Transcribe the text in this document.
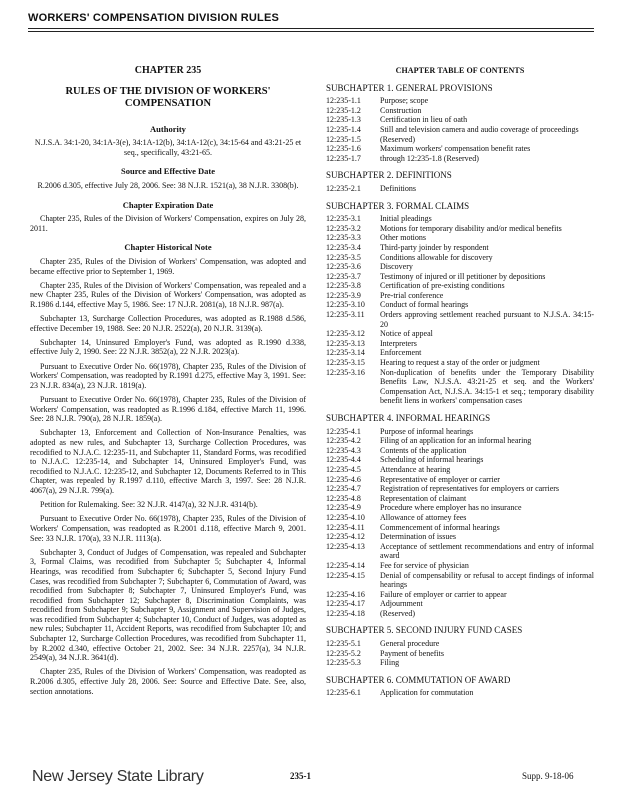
WORKERS' COMPENSATION DIVISION RULES
CHAPTER 235
RULES OF THE DIVISION OF WORKERS' COMPENSATION
Authority
N.J.S.A. 34:1-20, 34:1A-3(e), 34:1A-12(b), 34:1A-12(c), 34:15-64 and 43:21-25 et seq., specifically, 43:21-65.
Source and Effective Date
R.2006 d.305, effective July 28, 2006. See: 38 N.J.R. 1521(a), 38 N.J.R. 3308(b).
Chapter Expiration Date
Chapter 235, Rules of the Division of Workers' Compensation, expires on July 28, 2011.
Chapter Historical Note

Chapter 235, Rules of the Division of Workers' Compensation, was adopted and became effective prior to September 1, 1969.

Chapter 235, Rules of the Division of Workers' Compensation, was repealed and a new Chapter 235, Rules of the Division of Workers' Compensation, was adopted as R.1986 d.144, effective May 5, 1986. See: 17 N.J.R. 2081(a), 18 N.J.R. 987(a).

Subchapter 13, Surcharge Collection Procedures, was adopted as R.1988 d.586, effective December 19, 1988. See: 20 N.J.R. 2522(a), 20 N.J.R. 3139(a).

Subchapter 14, Uninsured Employer's Fund, was adopted as R.1990 d.338, effective July 2, 1990. See: 22 N.J.R. 3852(a), 22 N.J.R. 2023(a).

Pursuant to Executive Order No. 66(1978), Chapter 235, Rules of the Division of Workers' Compensation, was readopted by R.1991 d.275, effective May 3, 1991. See: 23 N.J.R. 834(a), 23 N.J.R. 1819(a).

Pursuant to Executive Order No. 66(1978), Chapter 235, Rules of the Division of Workers' Compensation, was readopted as R.1996 d.184, effective March 11, 1996. See: 28 N.J.R. 790(a), 28 N.J.R. 1859(a).

Subchapter 13, Enforcement and Collection of Non-Insurance Penalties, was adopted as new rules, and Subchapter 13, Surcharge Collection Procedures, was recodified to N.J.A.C. 12:235-11, and Subchapter 11, Standard Forms, was recodified to N.J.A.C. 12:235-14, and Subchapter 14, Uninsured Employer's Fund, was recodified to N.J.A.C. 12:235-12, and Subchapter 12, Documents Referred to in This Chapter, was repealed by R.1997 d.110, effective March 3, 1997. See: 28 N.J.R. 4067(a), 29 N.J.R. 799(a).

Petition for Rulemaking. See: 32 N.J.R. 4147(a), 32 N.J.R. 4314(b).

Pursuant to Executive Order No. 66(1978), Chapter 235, Rules of the Division of Workers' Compensation, was readopted as R.2001 d.118, effective March 9, 2001. See: 33 N.J.R. 170(a), 33 N.J.R. 1113(a).

Subchapter 3, Conduct of Judges of Compensation, was repealed and Subchapter 3, Formal Claims, was recodified from Subchapter 5; Subchapter 4, Informal Hearings, was recodified from Subchapter 6; Subchapter 5, Second Injury Fund Cases, was recodified from Subchapter 7; Subchapter 6, Commutation of Award, was recodified from Subchapter 8; Subchapter 7, Uninsured Employer's Fund, was recodified from Subchapter 12; Subchapter 8, Discrimination Complaints, was recodified from Subchapter 9; Subchapter 9, Assignment and Supervision of Judges, was recodified from Subchapter 4; Subchapter 10, Conduct of Judges, was adopted as new rules; Subchapter 11, Accident Reports, was recodified from Subchapter 10; and Subchapter 12, Surcharge Collection Procedures, was recodified from Subchapter 11, by R.2002 d.340, effective October 21, 2002. See: 34 N.J.R. 2257(a), 34 N.J.R. 2549(a), 34 N.J.R. 3641(d).

Chapter 235, Rules of the Division of Workers' Compensation, was readopted as R.2006 d.305, effective July 28, 2006. See: Source and Effective Date. See, also, section annotations.

CHAPTER TABLE OF CONTENTS
SUBCHAPTER 1. GENERAL PROVISIONS
12:235-1.1	Purpose; scope
12:235-1.2	Construction
12:235-1.3	Certification in lieu of oath
12:235-1.4	Still and television camera and audio coverage of proceedings
12:235-1.5	(Reserved)
12:235-1.6	Maximum workers' compensation benefit rates
12:235-1.7	through 12:235-1.8 (Reserved)
SUBCHAPTER 2. DEFINITIONS
12:235-2.1	Definitions
SUBCHAPTER 3. FORMAL CLAIMS
12:235-3.1	Initial pleadings
12:235-3.2	Motions for temporary disability and/or medical benefits
12:235-3.3	Other motions
12:235-3.4	Third-party joinder by respondent
12:235-3.5	Conditions allowable for discovery
12:235-3.6	Discovery
12:235-3.7	Testimony of injured or ill petitioner by depositions
12:235-3.8	Certification of pre-existing conditions
12:235-3.9	Pre-trial conference
12:235-3.10	Conduct of formal hearings
12:235-3.11	Orders approving settlement reached pursuant to N.J.S.A. 34:15-20
12:235-3.12	Notice of appeal
12:235-3.13	Interpreters
12:235-3.14	Enforcement
12:235-3.15	Hearing to request a stay of the order or judgment
12:235-3.16	Non-duplication of benefits under the Temporary Disability Benefits Law, N.J.S.A. 43:21-25 et seq. and the Workers' Compensation Act, N.J.S.A. 34:15-1 et seq.; temporary disability benefit liens in workers' compensation cases
SUBCHAPTER 4. INFORMAL HEARINGS
12:235-4.1	Purpose of informal hearings
12:235-4.2	Filing of an application for an informal hearing
12:235-4.3	Contents of the application
12:235-4.4	Scheduling of informal hearings
12:235-4.5	Attendance at hearing
12:235-4.6	Representative of employer or carrier
12:235-4.7	Registration of representatives for employers or carriers
12:235-4.8	Representation of claimant
12:235-4.9	Procedure where employer has no insurance
12:235-4.10	Allowance of attorney fees
12:235-4.11	Commencement of informal hearings
12:235-4.12	Determination of issues
12:235-4.13	Acceptance of settlement recommendations and entry of informal award
12:235-4.14	Fee for service of physician
12:235-4.15	Denial of compensability or refusal to accept findings of informal hearings
12:235-4.16	Failure of employer or carrier to appear
12:235-4.17	Adjournment
12:235-4.18	(Reserved)
SUBCHAPTER 5. SECOND INJURY FUND CASES
12:235-5.1	General procedure
12:235-5.2	Payment of benefits
12:235-5.3	Filing
SUBCHAPTER 6. COMMUTATION OF AWARD
12:235-6.1	Application for commutation
New Jersey State Library	235-1	Supp. 9-18-06
